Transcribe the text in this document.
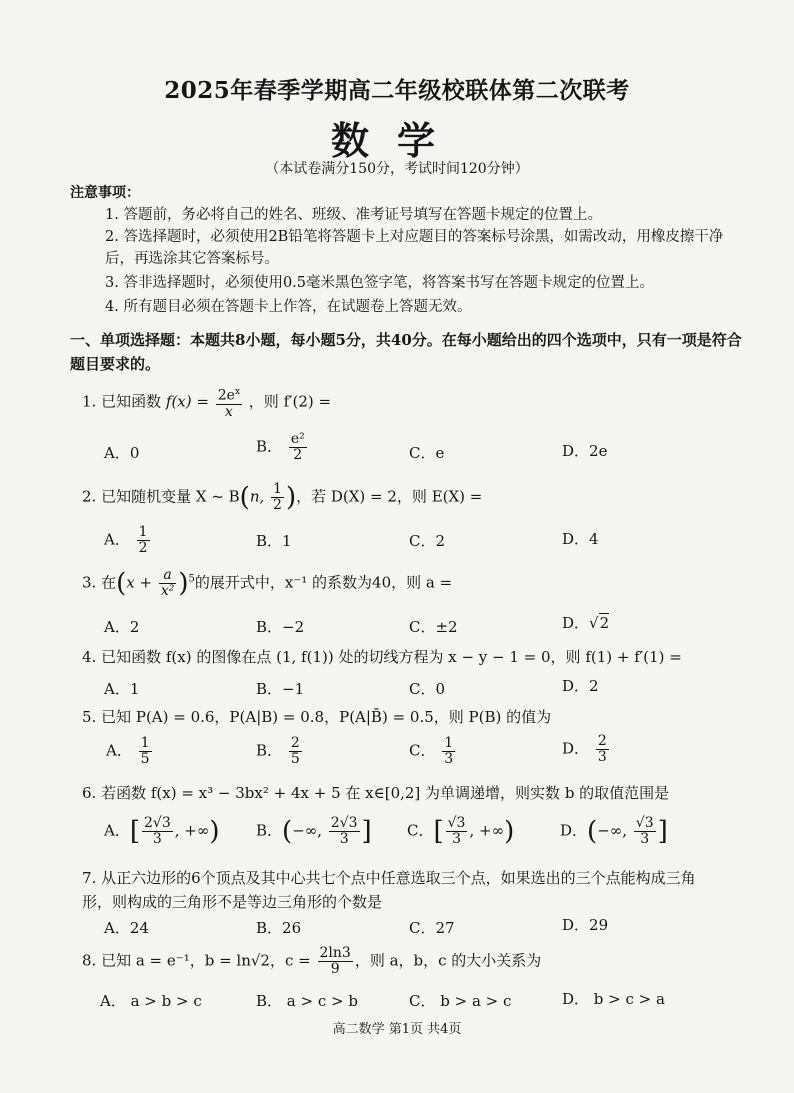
2025年春季学期高二年级校联体第二次联考
数学
（本试卷满分150分，考试时间120分钟）
注意事项：
1. 答题前，务必将自己的姓名、班级、准考证号填写在答题卡规定的位置上。
2. 答选择题时，必须使用2B铅笔将答题卡上对应题目的答案标号涂黑，如需改动，用橡皮擦干净后，再选涂其它答案标号。
3. 答非选择题时，必须使用0.5毫米黑色签字笔，将答案书写在答题卡规定的位置上。
4. 所有题目必须在答题卡上作答，在试题卷上答题无效。
一、单项选择题：本题共8小题，每小题5分，共40分。在每小题给出的四个选项中，只有一项是符合题目要求的。
1. 已知函数 $f(x) = \frac{2e^x}{x}$ ，则 f′(2) =
A．0	B． $\frac{\text{e²}}{2}$	C．e	D．2e
2. 已知随机变量 X ~ B(n, $\frac{1}{2}$ )，若 D(X) = 2，则 E(X) =
A． $\frac{1}{2}$	B．1	C．2	D．4
3. 在$(x + \frac{a}{\text{x²}} )^5$的展开式中，x⁻¹ 的系数为40，则 a =
A．2	B．−2	C．±2	D．√2
4. 已知函数 f(x) 的图像在点 (1, f(1)) 处的切线方程为 x − y − 1 = 0，则 f(1) + f′(1) =
A．1	B．−1	C．0	D．2
5. 已知 P(A) = 0.6，P(A|B) = 0.8，P(A|B̄) = 0.5，则 P(B) 的值为
A． $\frac{1}{5}$	B． $\frac{2}{5}$	C． $\frac{1}{3}$	D． $\frac{2}{3}$
6. 若函数 f(x) = x³ − 3bx² + 4x + 5 在 x∈[0,2] 为单调递增，则实数 b 的取值范围是
A．[ $\frac{2√3}{3}$ , +∞) B．(−∞, $\frac{2√3}{3}$ ] C．[ $\frac{√3}{3}$ , +∞)	D．(−∞, $\frac{√3}{3}$ ]
7. 从正六边形的6个顶点及其中心共七个点中任意选取三个点，如果选出的三个点能构成三角形，则构成的三角形不是等边三角形的个数是
A．24	B．26	C．27	D．29
8. 已知 a = e⁻¹，b = ln√2，$c = \frac{2\ln 3}{9}$ ，则 a，b，c 的大小关系为
A． a > b > c	B． a > c > b	C． b > a > c	D． b > c > a
高二数学 第1页 共4页
